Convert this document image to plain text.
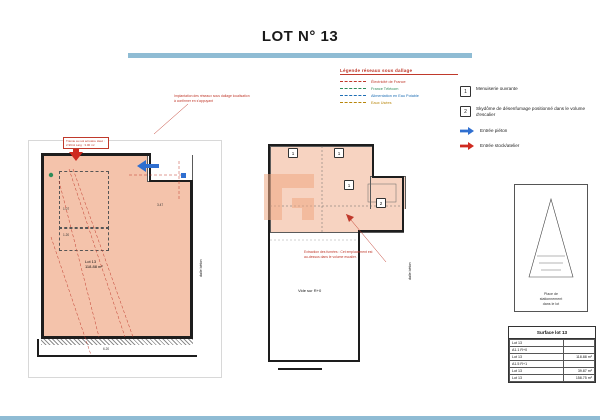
LOT N° 13
Légende réseaux sous dallage
Électricité de France
France Télécom
Alimentation en Eau Potable
Eaux Usées
1	Menuiserie ouvrante
2	Skydôme de désenfumage positionné dans le volume d'escalier
Entrée piéton
Entrée stock/atelier
Place de
stationnement
dans le lot
Surface lot 13
Lot 13	
A1.1 R+0	
Lot 13	118.88 m²
A1.5 R+1	
Lot 13	39.87 m²
Lot 13	158.75 m²
Trémie au sol acrotère Haut : 2.99ml Larg : 3.00 m²
Lot 13
118.88 m²
1.07
1.20
3.47
6.20
dalle béton
Implantation des réseaux sous dallage localisation à confirmer en s'appuyant
1	1
1
2
Vide sur R+0
dalle béton
Extraction des fumées : Cet emplacement est au-dessus dans le volume escalier.
